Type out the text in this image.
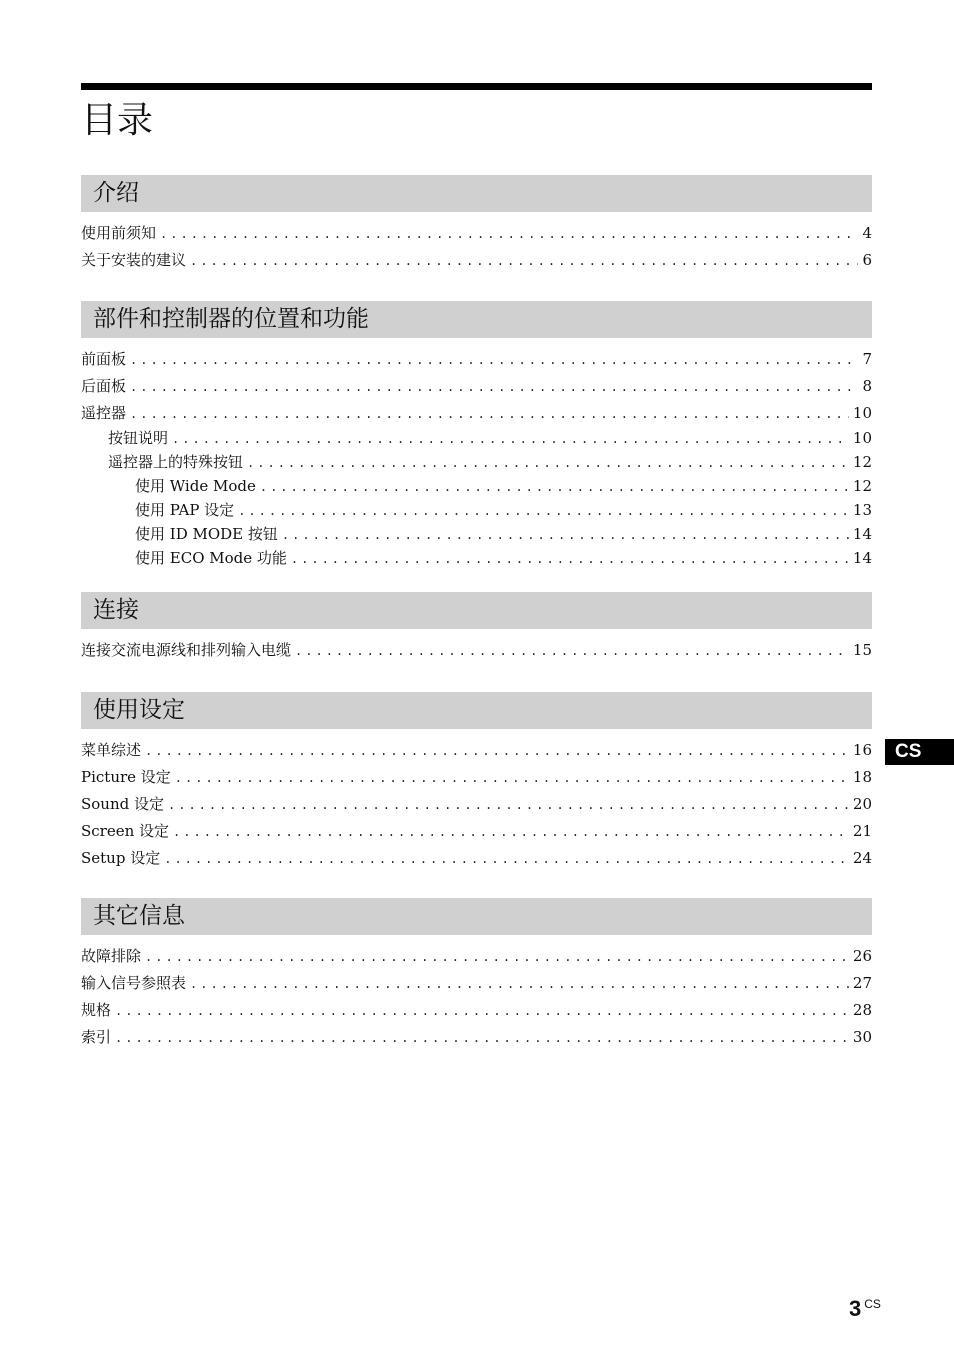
目录
介绍
使用前须知 .....	4
关于安装的建议 .....	6
部件和控制器的位置和功能
前面板 .....	7
后面板 .....	8
遥控器 .....	10
按钮说明 .....	10
遥控器上的特殊按钮 .....	12
使用 Wide Mode .....	12
使用 PAP 设定 .....	13
使用 ID MODE 按钮 .....	14
使用 ECO Mode 功能 .....	14
连接
连接交流电源线和排列输入电缆 .....	15
使用设定
菜单综述 .....	16
Picture 设定 .....	18
Sound 设定 .....	20
Screen 设定 .....	21
Setup 设定 .....	24
其它信息
故障排除 .....	26
输入信号参照表 .....	27
规格 .....	28
索引 .....	30
CS
3 $^{CS}$
